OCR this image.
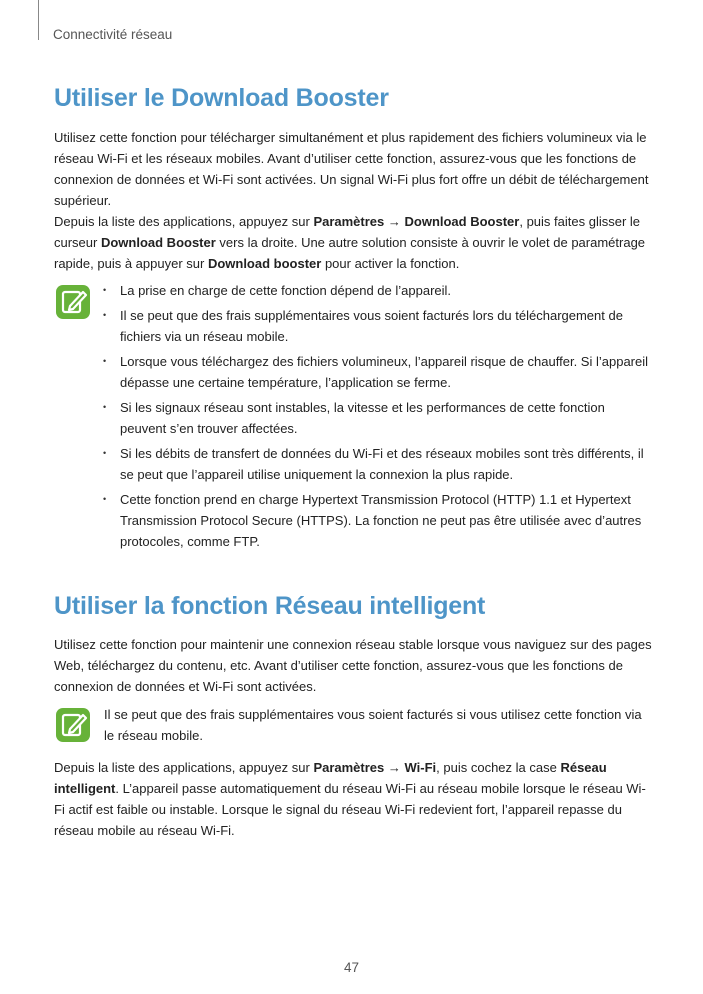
Connectivité réseau
Utiliser le Download Booster

Utilisez cette fonction pour télécharger simultanément et plus rapidement des fichiers volumineux via le réseau Wi-Fi et les réseaux mobiles. Avant d’utiliser cette fonction, assurez-vous que les fonctions de connexion de données et Wi-Fi sont activées. Un signal Wi-Fi plus fort offre un débit de téléchargement supérieur.

Depuis la liste des applications, appuyez sur Paramètres → Download Booster, puis faites glisser le curseur Download Booster vers la droite. Une autre solution consiste à ouvrir le volet de paramétrage rapide, puis à appuyer sur Download booster pour activer la fonction.

• La prise en charge de cette fonction dépend de l’appareil.
• Il se peut que des frais supplémentaires vous soient facturés lors du téléchargement de fichiers via un réseau mobile.
• Lorsque vous téléchargez des fichiers volumineux, l’appareil risque de chauffer. Si l’appareil dépasse une certaine température, l’application se ferme.
• Si les signaux réseau sont instables, la vitesse et les performances de cette fonction peuvent s’en trouver affectées.
• Si les débits de transfert de données du Wi-Fi et des réseaux mobiles sont très différents, il se peut que l’appareil utilise uniquement la connexion la plus rapide.
• Cette fonction prend en charge Hypertext Transmission Protocol (HTTP) 1.1 et Hypertext Transmission Protocol Secure (HTTPS). La fonction ne peut pas être utilisée avec d’autres protocoles, comme FTP.
Utiliser la fonction Réseau intelligent

Utilisez cette fonction pour maintenir une connexion réseau stable lorsque vous naviguez sur des pages Web, téléchargez du contenu, etc. Avant d’utiliser cette fonction, assurez-vous que les fonctions de connexion de données et Wi-Fi sont activées.

Il se peut que des frais supplémentaires vous soient facturés si vous utilisez cette fonction via le réseau mobile.

Depuis la liste des applications, appuyez sur Paramètres → Wi-Fi, puis cochez la case Réseau intelligent. L’appareil passe automatiquement du réseau Wi-Fi au réseau mobile lorsque le réseau Wi-Fi actif est faible ou instable. Lorsque le signal du réseau Wi-Fi redevient fort, l’appareil repasse du réseau mobile au réseau Wi-Fi.

47
